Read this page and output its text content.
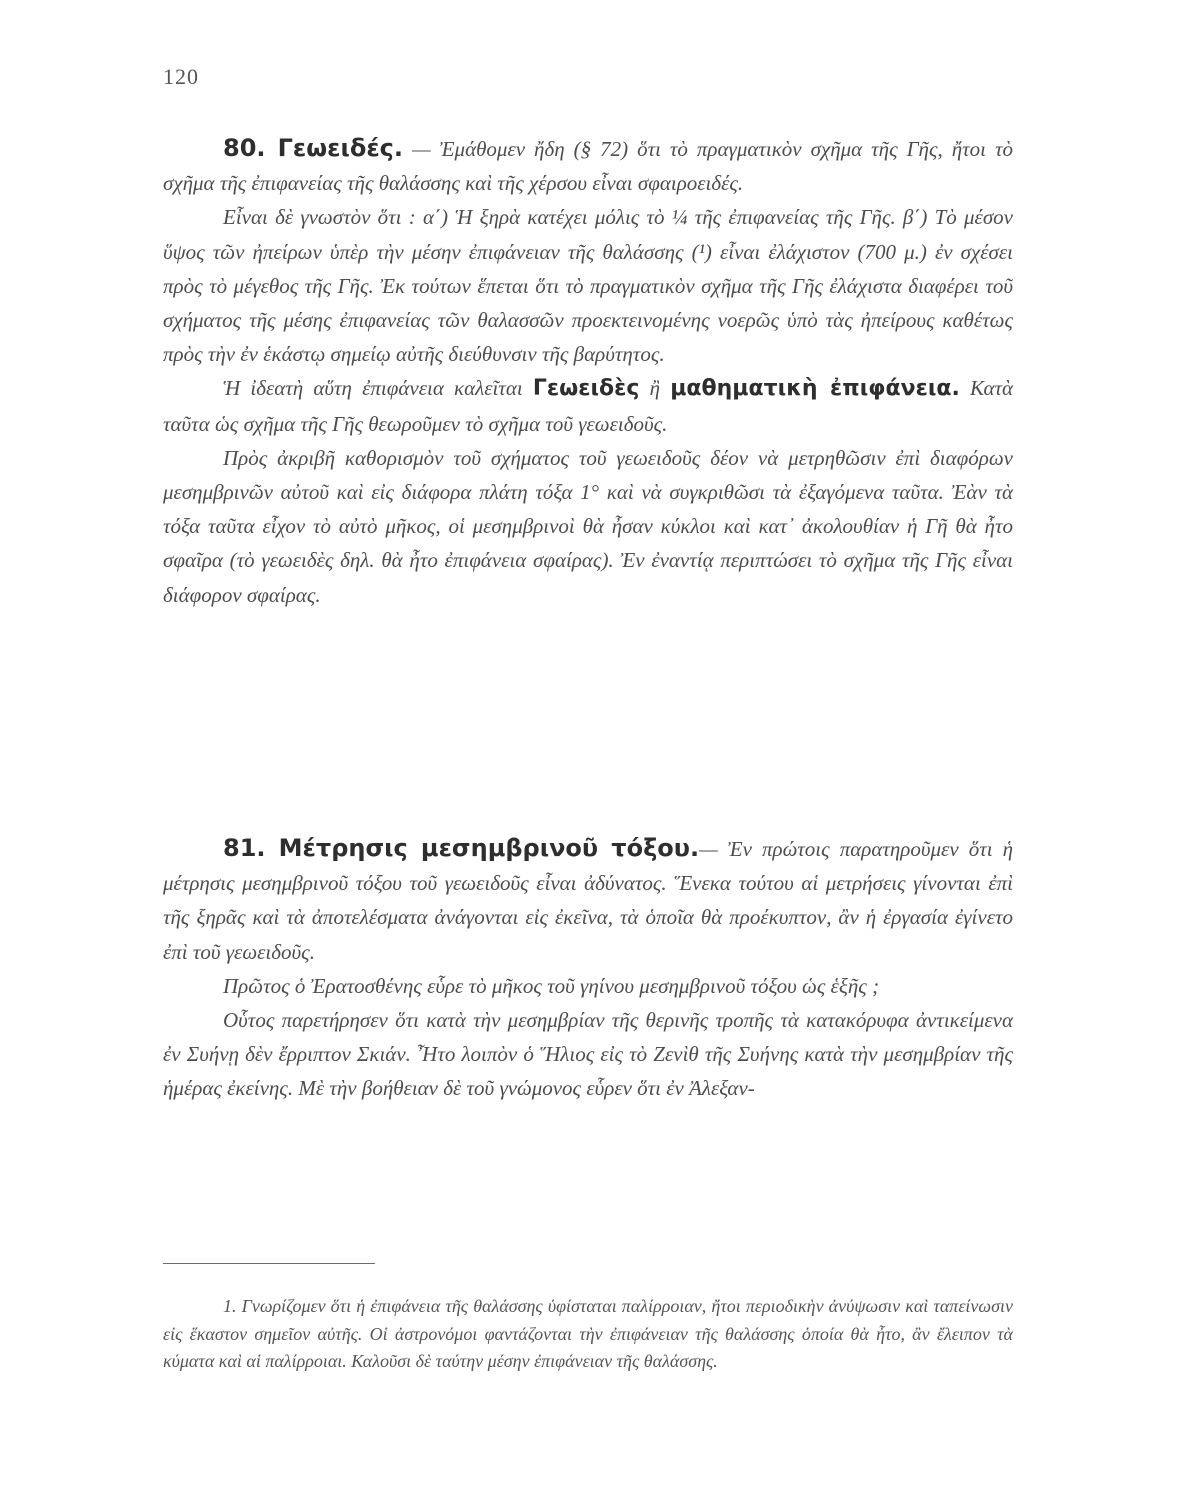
120

80. Γεωειδές. — Ἐμάθομεν ἤδη (§ 72) ὅτι τὸ πραγματικὸν σχῆμα τῆς Γῆς, ἤτοι τὸ σχῆμα τῆς ἐπιφανείας τῆς θαλάσσης καὶ τῆς χέρσου εἶναι σφαιροειδές.

Εἶναι δὲ γνωστὸν ὅτι : α΄) Ἡ ξηρὰ κατέχει μόλις τὸ ¼ τῆς ἐπιφανείας τῆς Γῆς. β΄) Τὸ μέσον ὕψος τῶν ἠπείρων ὑπὲρ τὴν μέσην ἐπιφάνειαν τῆς θαλάσσης (¹) εἶναι ἐλάχιστον (700 μ.) ἐν σχέσει πρὸς τὸ μέγεθος τῆς Γῆς. Ἐκ τούτων ἕπεται ὅτι τὸ πραγματικὸν σχῆμα τῆς Γῆς ἐλάχιστα διαφέρει τοῦ σχήματος τῆς μέσης ἐπιφανείας τῶν θαλασσῶν προεκτεινομένης νοερῶς ὑπὸ τὰς ἠπείρους καθέτως πρὸς τὴν ἐν ἑκάστῳ σημείῳ αὐτῆς διεύθυνσιν τῆς βαρύτητος.

Ἡ ἰδεατὴ αὕτη ἐπιφάνεια καλεῖται Γεωειδὲς ἢ μαθηματικὴ ἐπιφάνεια. Κατὰ ταῦτα ὡς σχῆμα τῆς Γῆς θεωροῦμεν τὸ σχῆμα τοῦ γεωειδοῦς.

Πρὸς ἀκριβῆ καθορισμὸν τοῦ σχήματος τοῦ γεωειδοῦς δέον νὰ μετρηθῶσιν ἐπὶ διαφόρων μεσημβρινῶν αὐτοῦ καὶ εἰς διάφορα πλάτη τόξα 1° καὶ νὰ συγκριθῶσι τὰ ἐξαγόμενα ταῦτα. Ἐὰν τὰ τόξα ταῦτα εἶχον τὸ αὐτὸ μῆκος, οἱ μεσημβρινοὶ θὰ ἦσαν κύκλοι καὶ κατ᾽ ἀκολουθίαν ἡ Γῆ θὰ ἦτο σφαῖρα (τὸ γεωειδὲς δηλ. θὰ ἦτο ἐπιφάνεια σφαίρας). Ἐν ἐναντίᾳ περιπτώσει τὸ σχῆμα τῆς Γῆς εἶναι διάφορον σφαίρας.

81. Μέτρησις μεσημβρινοῦ τόξου.— Ἐν πρώτοις παρατηροῦμεν ὅτι ἡ μέτρησις μεσημβρινοῦ τόξου τοῦ γεωειδοῦς εἶναι ἀδύνατος. Ἕνεκα τούτου αἱ μετρήσεις γίνονται ἐπὶ τῆς ξηρᾶς καὶ τὰ ἀποτελέσματα ἀνάγονται εἰς ἐκεῖνα, τὰ ὁποῖα θὰ προέκυπτον, ἂν ἡ ἐργασία ἐγίνετο ἐπὶ τοῦ γεωειδοῦς.

Πρῶτος ὁ Ἐρατοσθένης εὗρε τὸ μῆκος τοῦ γηίνου μεσημβρινοῦ τόξου ὡς ἑξῆς ;

Οὗτος παρετήρησεν ὅτι κατὰ τὴν μεσημβρίαν τῆς θερινῆς τροπῆς τὰ κατακόρυφα ἀντικείμενα ἐν Συήνῃ δὲν ἔρριπτον Σκιάν. Ἦτο λοιπὸν ὁ Ἥλιος εἰς τὸ Ζενὶθ τῆς Συήνης κατὰ τὴν μεσημβρίαν τῆς ἡμέρας ἐκείνης. Μὲ τὴν βοήθειαν δὲ τοῦ γνώμονος εὗρεν ὅτι ἐν Ἀλεξαν-

1. Γνωρίζομεν ὅτι ἡ ἐπιφάνεια τῆς θαλάσσης ὑφίσταται παλίρροιαν, ἤτοι περιοδικὴν ἀνύψωσιν καὶ ταπείνωσιν εἰς ἕκαστον σημεῖον αὐτῆς. Οἱ ἀστρονόμοι φαντάζονται τὴν ἐπιφάνειαν τῆς θαλάσσης ὁποία θὰ ἦτο, ἂν ἔλειπον τὰ κύματα καὶ αἱ παλίρροιαι. Καλοῦσι δὲ ταύτην μέσην ἐπιφάνειαν τῆς θαλάσσης.
